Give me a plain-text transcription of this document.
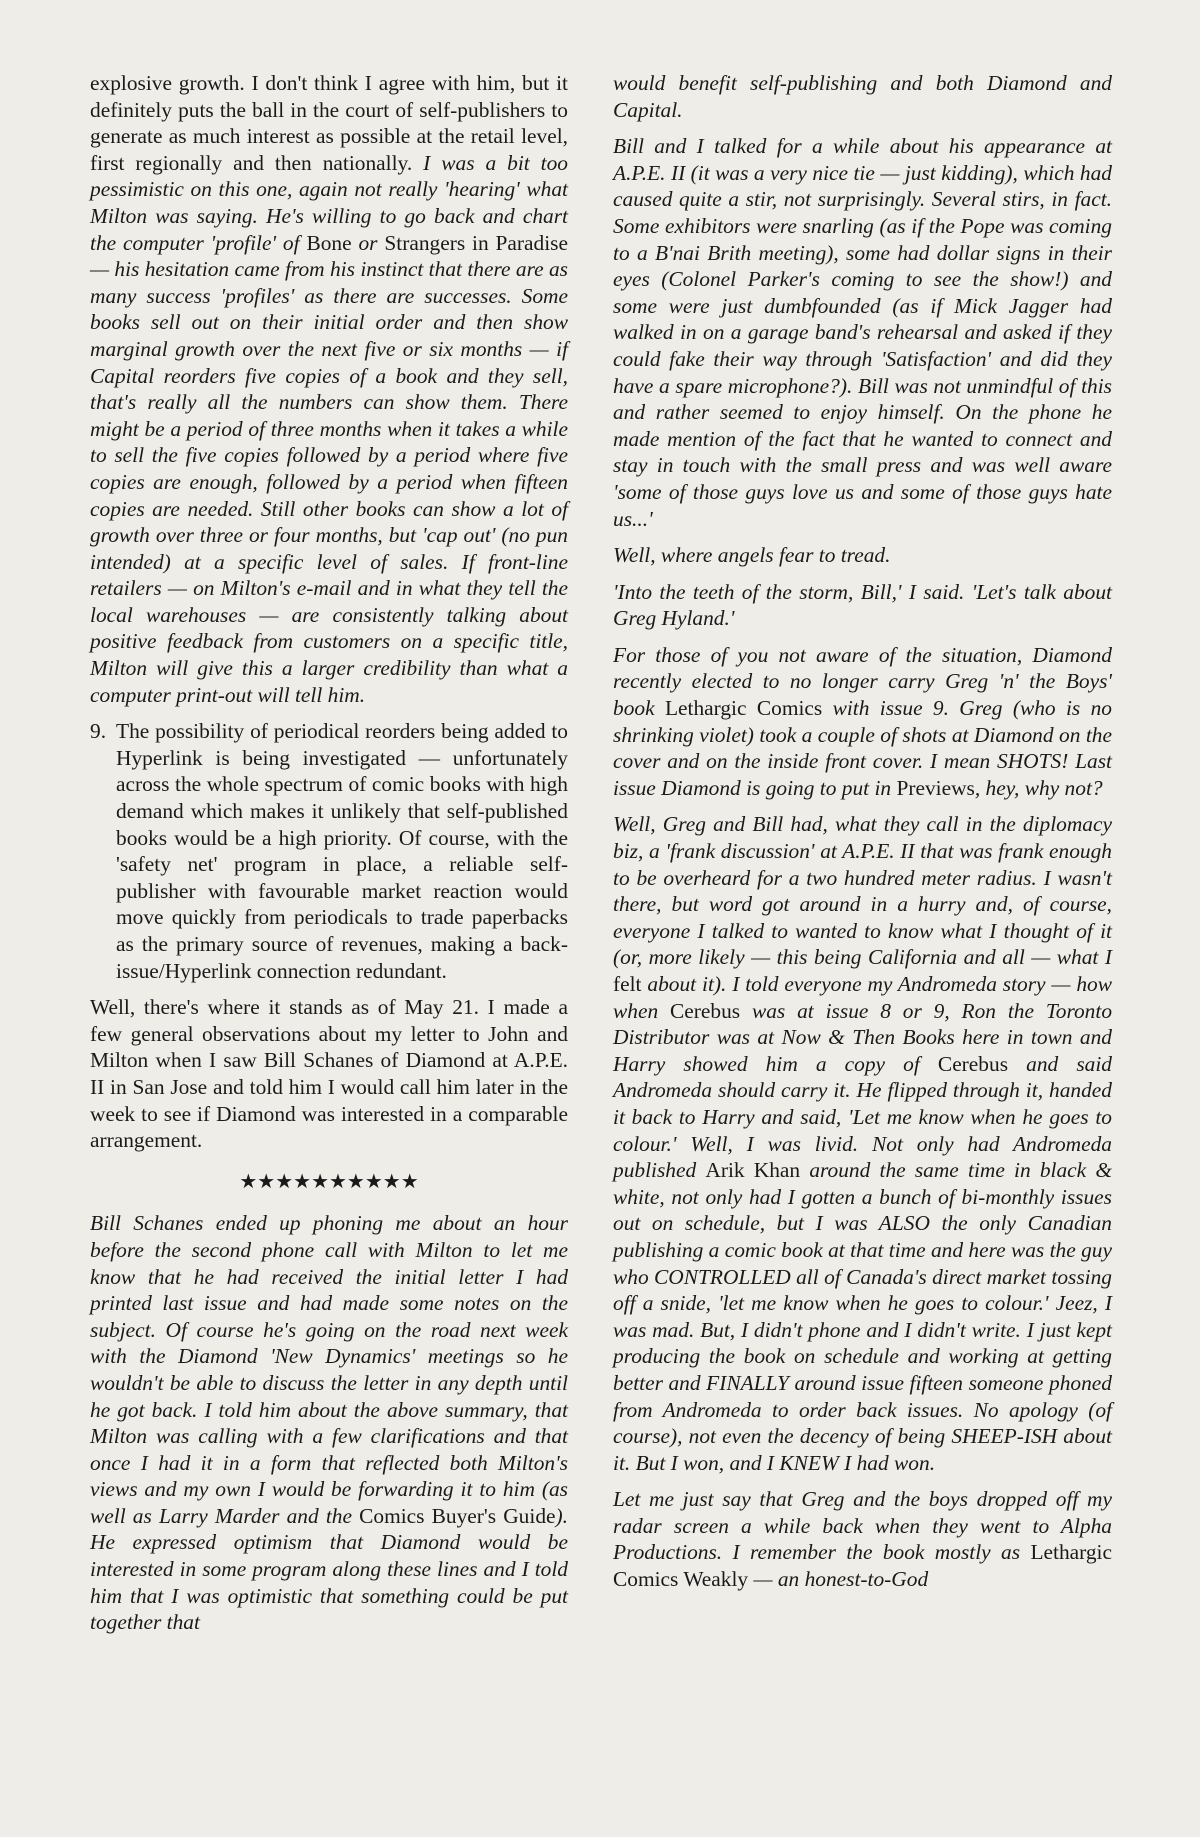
explosive growth. I don't think I agree with him, but it definitely puts the ball in the court of self-publishers to generate as much interest as possible at the retail level, first regionally and then nationally. I was a bit too pessimistic on this one, again not really 'hearing' what Milton was saying. He's willing to go back and chart the computer 'profile' of Bone or Strangers in Paradise — his hesitation came from his instinct that there are as many success 'profiles' as there are successes. Some books sell out on their initial order and then show marginal growth over the next five or six months — if Capital reorders five copies of a book and they sell, that's really all the numbers can show them. There might be a period of three months when it takes a while to sell the five copies followed by a period where five copies are enough, followed by a period when fifteen copies are needed. Still other books can show a lot of growth over three or four months, but 'cap out' (no pun intended) at a specific level of sales. If front-line retailers — on Milton's e-mail and in what they tell the local warehouses — are consistently talking about positive feedback from customers on a specific title, Milton will give this a larger credibility than what a computer print-out will tell him.

9. The possibility of periodical reorders being added to Hyperlink is being investigated — unfortunately across the whole spectrum of comic books with high demand which makes it unlikely that self-published books would be a high priority. Of course, with the 'safety net' program in place, a reliable self-publisher with favourable market reaction would move quickly from periodicals to trade paperbacks as the primary source of revenues, making a back-issue/Hyperlink connection redundant.

Well, there's where it stands as of May 21. I made a few general observations about my letter to John and Milton when I saw Bill Schanes of Diamond at A.P.E. II in San Jose and told him I would call him later in the week to see if Diamond was interested in a comparable arrangement.

★★★★★★★★★★

Bill Schanes ended up phoning me about an hour before the second phone call with Milton to let me know that he had received the initial letter I had printed last issue and had made some notes on the subject. Of course he's going on the road next week with the Diamond 'New Dynamics' meetings so he wouldn't be able to discuss the letter in any depth until he got back. I told him about the above summary, that Milton was calling with a few clarifications and that once I had it in a form that reflected both Milton's views and my own I would be forwarding it to him (as well as Larry Marder and the Comics Buyer's Guide). He expressed optimism that Diamond would be interested in some program along these lines and I told him that I was optimistic that something could be put together that

would benefit self-publishing and both Diamond and Capital.

Bill and I talked for a while about his appearance at A.P.E. II (it was a very nice tie — just kidding), which had caused quite a stir, not surprisingly. Several stirs, in fact. Some exhibitors were snarling (as if the Pope was coming to a B'nai Brith meeting), some had dollar signs in their eyes (Colonel Parker's coming to see the show!) and some were just dumbfounded (as if Mick Jagger had walked in on a garage band's rehearsal and asked if they could fake their way through 'Satisfaction' and did they have a spare microphone?). Bill was not unmindful of this and rather seemed to enjoy himself. On the phone he made mention of the fact that he wanted to connect and stay in touch with the small press and was well aware 'some of those guys love us and some of those guys hate us...'

Well, where angels fear to tread.

'Into the teeth of the storm, Bill,' I said. 'Let's talk about Greg Hyland.'

For those of you not aware of the situation, Diamond recently elected to no longer carry Greg 'n' the Boys' book Lethargic Comics with issue 9. Greg (who is no shrinking violet) took a couple of shots at Diamond on the cover and on the inside front cover. I mean SHOTS! Last issue Diamond is going to put in Previews, hey, why not?

Well, Greg and Bill had, what they call in the diplomacy biz, a 'frank discussion' at A.P.E. II that was frank enough to be overheard for a two hundred meter radius. I wasn't there, but word got around in a hurry and, of course, everyone I talked to wanted to know what I thought of it (or, more likely — this being California and all — what I felt about it). I told everyone my Andromeda story — how when Cerebus was at issue 8 or 9, Ron the Toronto Distributor was at Now & Then Books here in town and Harry showed him a copy of Cerebus and said Andromeda should carry it. He flipped through it, handed it back to Harry and said, 'Let me know when he goes to colour.' Well, I was livid. Not only had Andromeda published Arik Khan around the same time in black & white, not only had I gotten a bunch of bi-monthly issues out on schedule, but I was ALSO the only Canadian publishing a comic book at that time and here was the guy who CONTROLLED all of Canada's direct market tossing off a snide, 'let me know when he goes to colour.' Jeez, I was mad. But, I didn't phone and I didn't write. I just kept producing the book on schedule and working at getting better and FINALLY around issue fifteen someone phoned from Andromeda to order back issues. No apology (of course), not even the decency of being SHEEP-ISH about it. But I won, and I KNEW I had won.

Let me just say that Greg and the boys dropped off my radar screen a while back when they went to Alpha Productions. I remember the book mostly as Lethargic Comics Weakly — an honest-to-God
